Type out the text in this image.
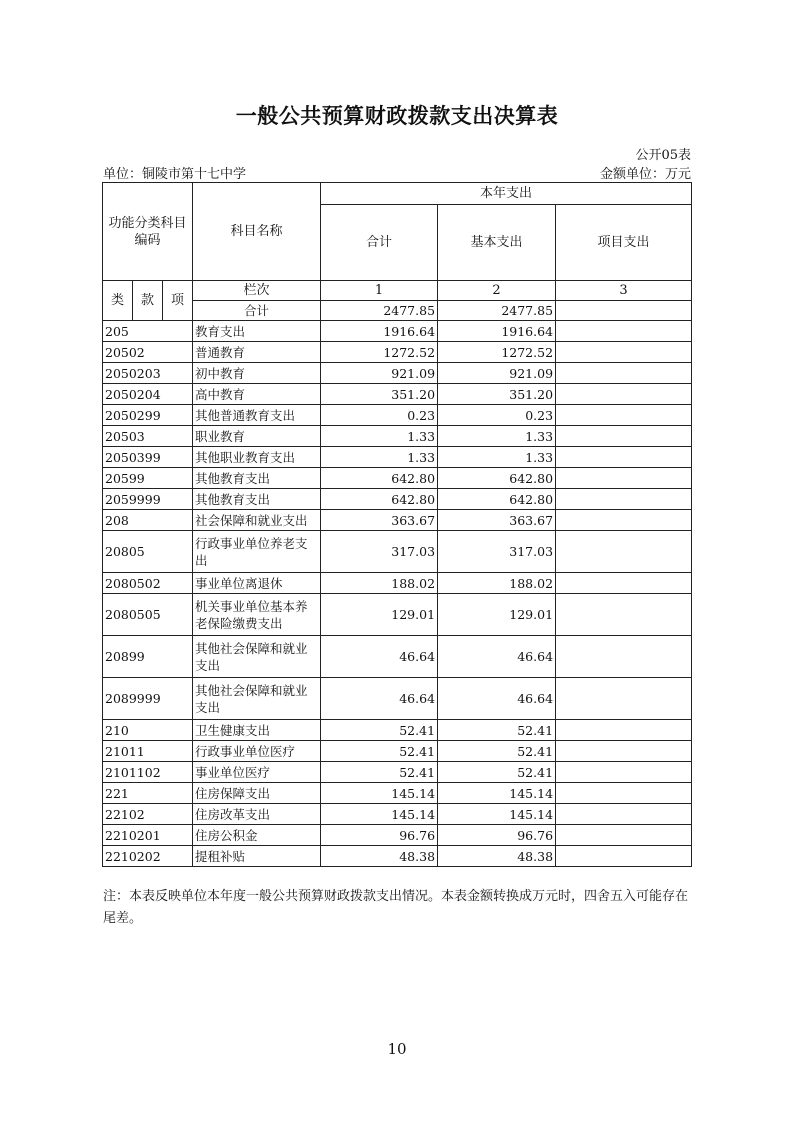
一般公共预算财政拨款支出决算表
公开05表
单位：铜陵市第十七中学	金额单位：万元
功能分类科目编码			科目名称	本年支出		
				合计	基本支出	项目支出
类	款	项	栏次	1	2	3
			合计	2477.85	2477.85	
205			教育支出	1916.64	1916.64	
20502			普通教育	1272.52	1272.52	
2050203			初中教育	921.09	921.09	
2050204			高中教育	351.20	351.20	
2050299			其他普通教育支出	0.23	0.23	
20503			职业教育	1.33	1.33	
2050399			其他职业教育支出	1.33	1.33	
20599			其他教育支出	642.80	642.80	
2059999			其他教育支出	642.80	642.80	
208			社会保障和就业支出	363.67	363.67	
20805			行政事业单位养老支出	317.03	317.03	
2080502			事业单位离退休	188.02	188.02	
2080505			机关事业单位基本养老保险缴费支出	129.01	129.01	
20899			其他社会保障和就业支出	46.64	46.64	
2089999			其他社会保障和就业支出	46.64	46.64	
210			卫生健康支出	52.41	52.41	
21011			行政事业单位医疗	52.41	52.41	
2101102			事业单位医疗	52.41	52.41	
221			住房保障支出	145.14	145.14	
22102			住房改革支出	145.14	145.14	
2210201			住房公积金	96.76	96.76	
2210202			提租补贴	48.38	48.38	
注：本表反映单位本年度一般公共预算财政拨款支出情况。本表金额转换成万元时，四舍五入可能存在尾差。
10
